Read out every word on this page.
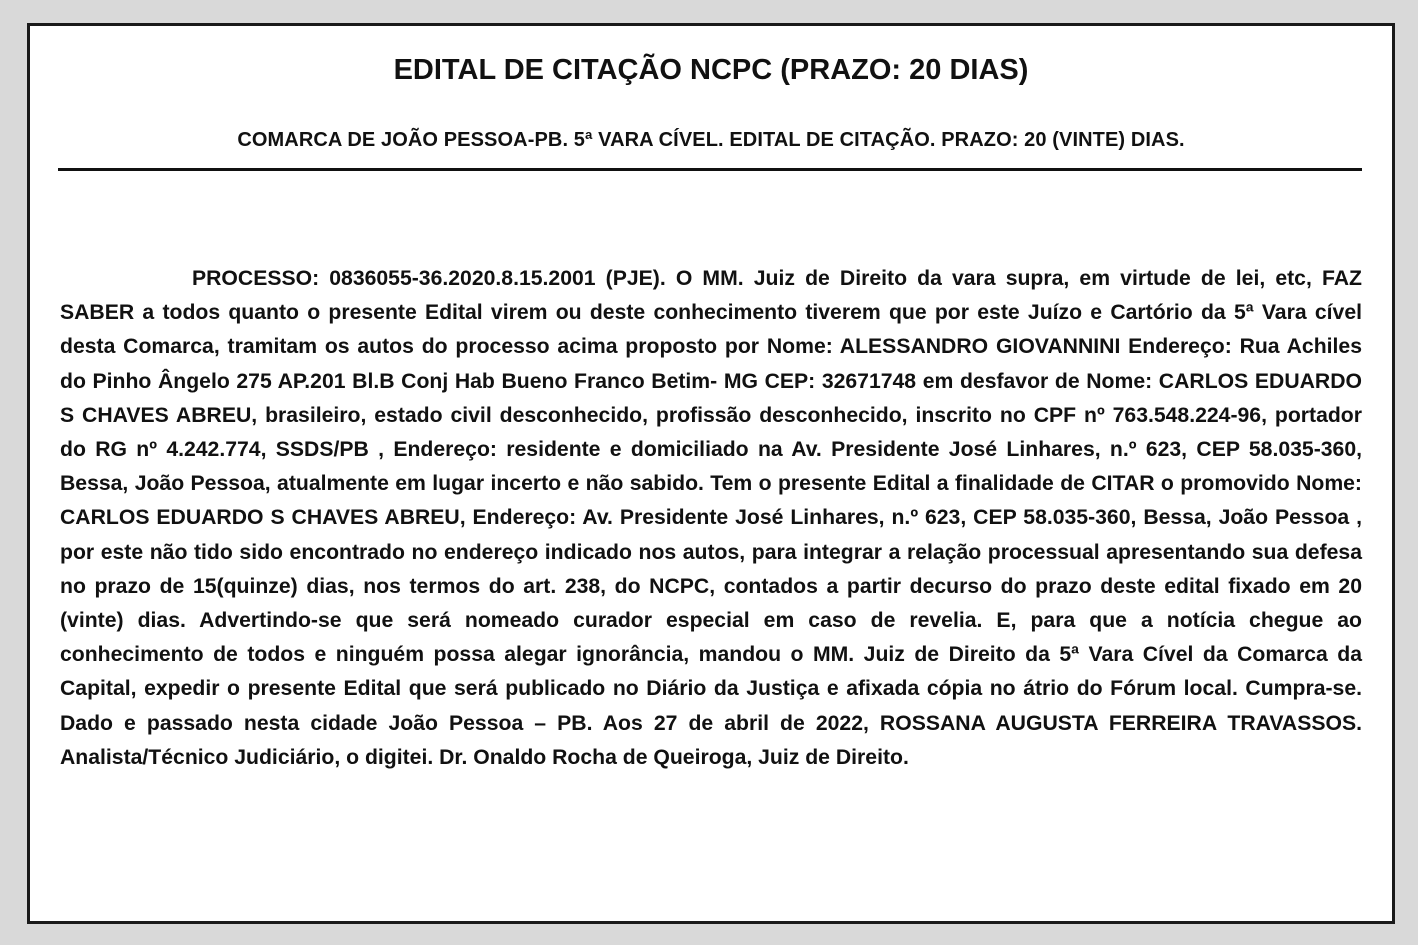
EDITAL DE CITAÇÃO NCPC (PRAZO: 20 DIAS)
COMARCA DE JOÃO PESSOA-PB. 5ª VARA CÍVEL. EDITAL DE CITAÇÃO. PRAZO: 20 (VINTE) DIAS.

PROCESSO: 0836055-36.2020.8.15.2001 (PJE). O MM. Juiz de Direito da vara supra, em virtude de lei, etc, FAZ SABER a todos quanto o presente Edital virem ou deste conhecimento tiverem que por este Juízo e Cartório da 5ª Vara cível desta Comarca, tramitam os autos do processo acima proposto por Nome: ALESSANDRO GIOVANNINI Endereço: Rua Achiles do Pinho Ângelo 275 AP.201 Bl.B Conj Hab Bueno Franco Betim- MG CEP: 32671748 em desfavor de Nome: CARLOS EDUARDO S CHAVES ABREU, brasileiro, estado civil desconhecido, profissão desconhecido, inscrito no CPF nº 763.548.224-96, portador do RG nº 4.242.774, SSDS/PB , Endereço: residente e domiciliado na Av. Presidente José Linhares, n.º 623, CEP 58.035-360, Bessa, João Pessoa, atualmente em lugar incerto e não sabido. Tem o presente Edital a finalidade de CITAR o promovido Nome: CARLOS EDUARDO S CHAVES ABREU, Endereço: Av. Presidente José Linhares, n.º 623, CEP 58.035-360, Bessa, João Pessoa , por este não tido sido encontrado no endereço indicado nos autos, para integrar a relação processual apresentando sua defesa no prazo de 15(quinze) dias, nos termos do art. 238, do NCPC, contados a partir decurso do prazo deste edital fixado em 20 (vinte) dias. Advertindo-se que será nomeado curador especial em caso de revelia. E, para que a notícia chegue ao conhecimento de todos e ninguém possa alegar ignorância, mandou o MM. Juiz de Direito da 5ª Vara Cível da Comarca da Capital, expedir o presente Edital que será publicado no Diário da Justiça e afixada cópia no átrio do Fórum local. Cumpra-se. Dado e passado nesta cidade João Pessoa – PB. Aos 27 de abril de 2022, ROSSANA AUGUSTA FERREIRA TRAVASSOS. Analista/Técnico Judiciário, o digitei. Dr. Onaldo Rocha de Queiroga, Juiz de Direito.
